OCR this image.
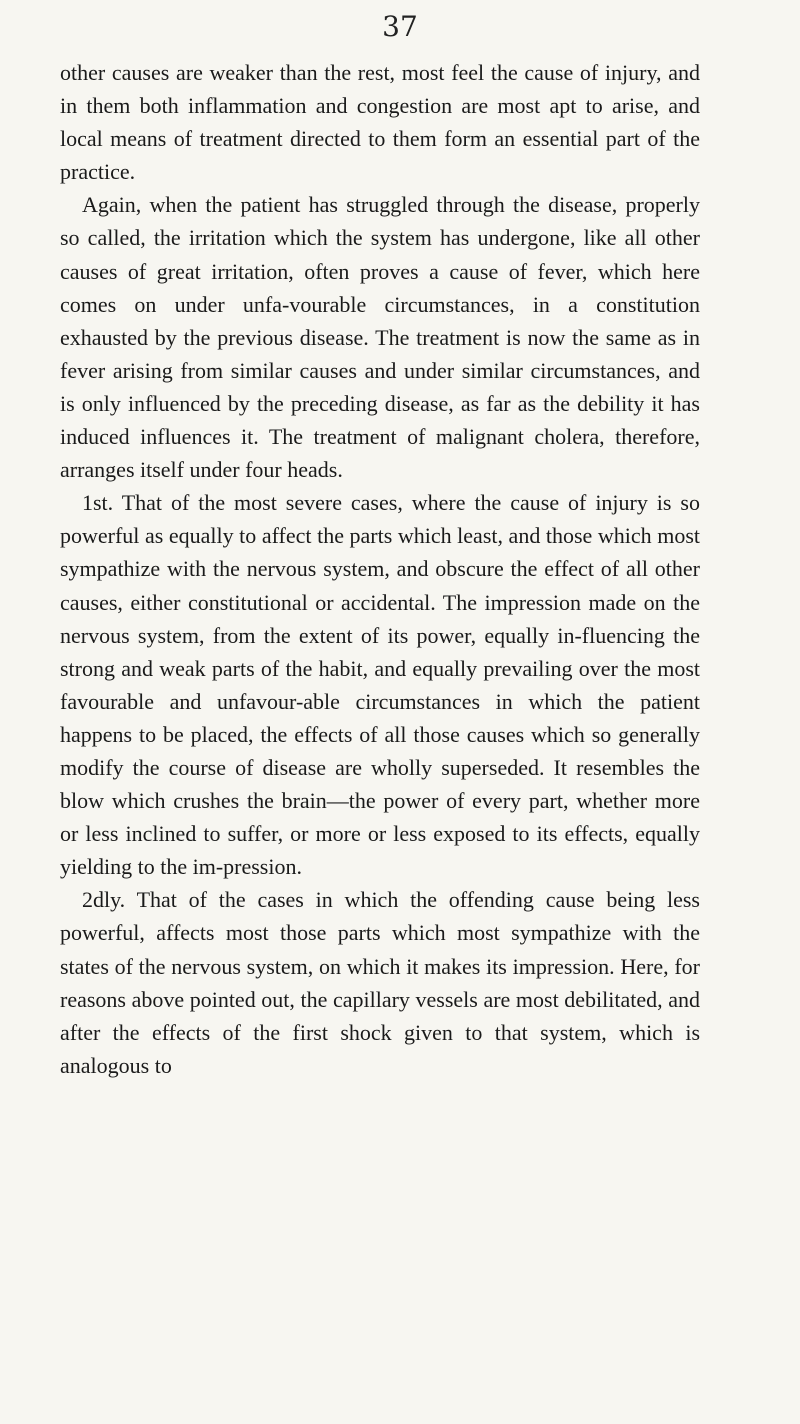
37

other causes are weaker than the rest, most feel the cause of injury, and in them both inflammation and congestion are most apt to arise, and local means of treatment directed to them form an essential part of the practice.

Again, when the patient has struggled through the disease, properly so called, the irritation which the system has undergone, like all other causes of great irritation, often proves a cause of fever, which here comes on under unfa-vourable circumstances, in a constitution exhausted by the previous disease. The treatment is now the same as in fever arising from similar causes and under similar circumstances, and is only influenced by the preceding disease, as far as the debility it has induced influences it. The treatment of malignant cholera, therefore, arranges itself under four heads.

1st. That of the most severe cases, where the cause of injury is so powerful as equally to affect the parts which least, and those which most sympathize with the nervous system, and obscure the effect of all other causes, either constitutional or accidental. The impression made on the nervous system, from the extent of its power, equally in-fluencing the strong and weak parts of the habit, and equally prevailing over the most favourable and unfavour-able circumstances in which the patient happens to be placed, the effects of all those causes which so generally modify the course of disease are wholly superseded. It resembles the blow which crushes the brain—the power of every part, whether more or less inclined to suffer, or more or less exposed to its effects, equally yielding to the im-pression.

2dly. That of the cases in which the offending cause being less powerful, affects most those parts which most sympathize with the states of the nervous system, on which it makes its impression. Here, for reasons above pointed out, the capillary vessels are most debilitated, and after the effects of the first shock given to that system, which is analogous to
